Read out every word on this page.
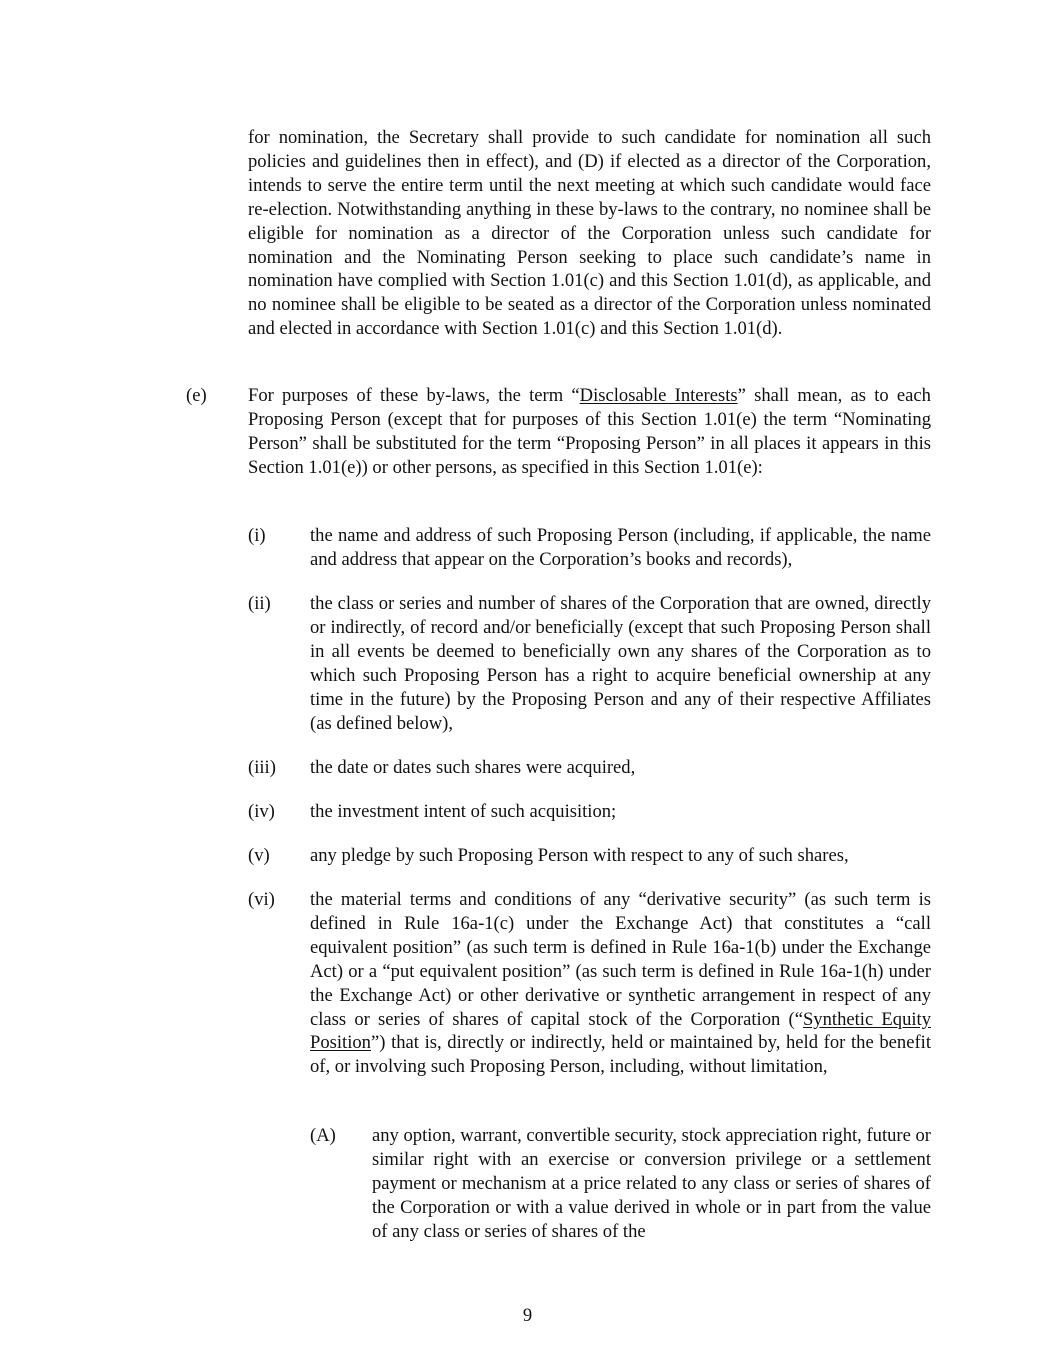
for nomination, the Secretary shall provide to such candidate for nomination all such policies and guidelines then in effect), and (D) if elected as a director of the Corporation, intends to serve the entire term until the next meeting at which such candidate would face re-election. Notwithstanding anything in these by-laws to the contrary, no nominee shall be eligible for nomination as a director of the Corporation unless such candidate for nomination and the Nominating Person seeking to place such candidate’s name in nomination have complied with Section 1.01(c) and this Section 1.01(d), as applicable, and no nominee shall be eligible to be seated as a director of the Corporation unless nominated and elected in accordance with Section 1.01(c) and this Section 1.01(d).
(e) For purposes of these by-laws, the term “Disclosable Interests” shall mean, as to each Proposing Person (except that for purposes of this Section 1.01(e) the term “Nominating Person” shall be substituted for the term “Proposing Person” in all places it appears in this Section 1.01(e)) or other persons, as specified in this Section 1.01(e):
(i) the name and address of such Proposing Person (including, if applicable, the name and address that appear on the Corporation’s books and records),
(ii) the class or series and number of shares of the Corporation that are owned, directly or indirectly, of record and/or beneficially (except that such Proposing Person shall in all events be deemed to beneficially own any shares of the Corporation as to which such Proposing Person has a right to acquire beneficial ownership at any time in the future) by the Proposing Person and any of their respective Affiliates (as defined below),
(iii) the date or dates such shares were acquired,
(iv) the investment intent of such acquisition;
(v) any pledge by such Proposing Person with respect to any of such shares,
(vi) the material terms and conditions of any “derivative security” (as such term is defined in Rule 16a-1(c) under the Exchange Act) that constitutes a “call equivalent position” (as such term is defined in Rule 16a-1(b) under the Exchange Act) or a “put equivalent position” (as such term is defined in Rule 16a-1(h) under the Exchange Act) or other derivative or synthetic arrangement in respect of any class or series of shares of capital stock of the Corporation (“Synthetic Equity Position”) that is, directly or indirectly, held or maintained by, held for the benefit of, or involving such Proposing Person, including, without limitation,
(A) any option, warrant, convertible security, stock appreciation right, future or similar right with an exercise or conversion privilege or a settlement payment or mechanism at a price related to any class or series of shares of the Corporation or with a value derived in whole or in part from the value of any class or series of shares of the
9
